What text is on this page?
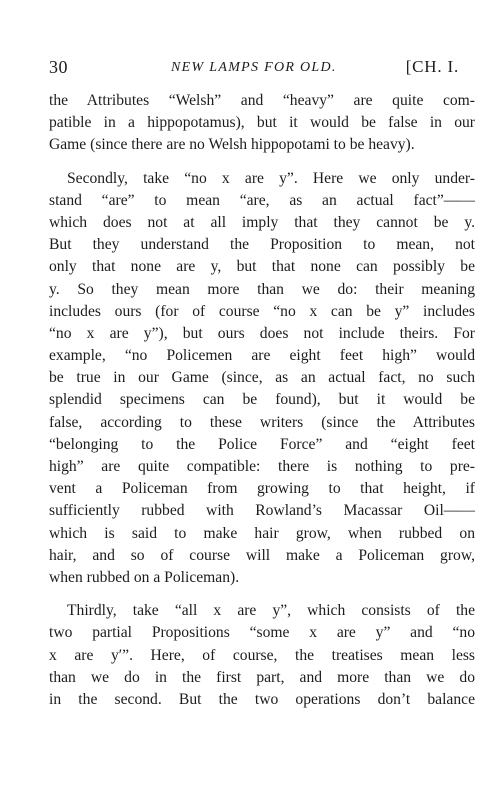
30	NEW LAMPS FOR OLD.	[CH. I.
the Attributes “Welsh” and “heavy” are quite com-
patible in a hippopotamus), but it would be false in our
Game (since there are no Welsh hippopotami to be heavy).
Secondly, take “no x are y”. Here we only under-
stand “are” to mean “are, as an actual fact”——
which does not at all imply that they cannot be y.
But they understand the Proposition to mean, not
only that none are y, but that none can possibly be
y. So they mean more than we do: their meaning
includes ours (for of course “no x can be y” includes
“no x are y”), but ours does not include theirs. For
example, “no Policemen are eight feet high” would
be true in our Game (since, as an actual fact, no such
splendid specimens can be found), but it would be
false, according to these writers (since the Attributes
“belonging to the Police Force” and “eight feet
high” are quite compatible: there is nothing to pre-
vent a Policeman from growing to that height, if
sufficiently rubbed with Rowland’s Macassar Oil——
which is said to make hair grow, when rubbed on
hair, and so of course will make a Policeman grow,
when rubbed on a Policeman).
Thirdly, take “all x are y”, which consists of the
two partial Propositions “some x are y” and “no
x are y′”. Here, of course, the treatises mean less
than we do in the first part, and more than we do
in the second. But the two operations don’t balance
